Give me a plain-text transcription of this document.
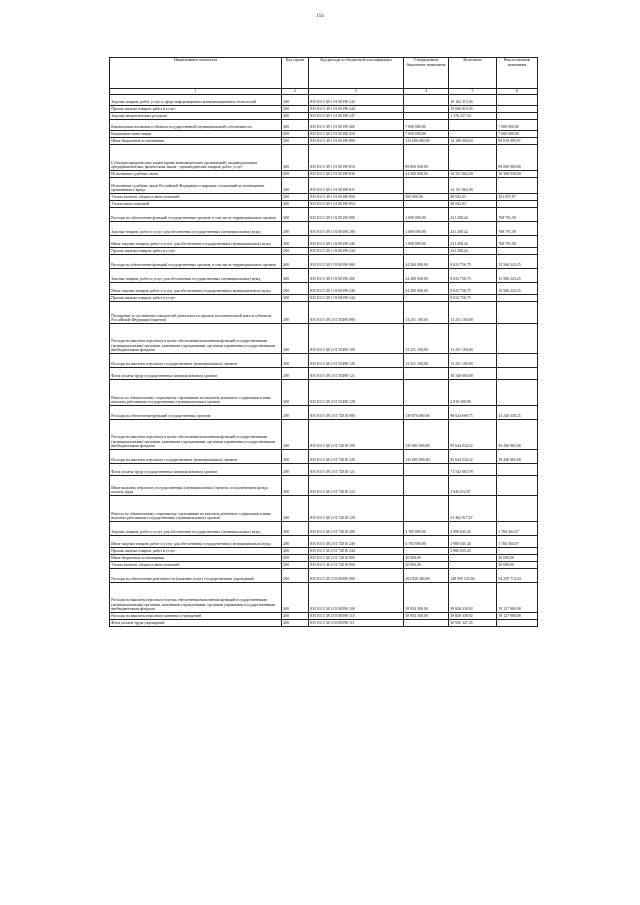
154
Наименование показателя	Код строки	Код расхода по бюджетной классификации	Утвержденные бюджетные назначения	Исполнено	Неисполненные назначения
1	2	3	4	5	6
Закупка товаров, работ, услуг в сфере информационно-коммуникационных технологий	200	835 0113 38 1 01 00190 242	-	10 162 313,56	-
Прочая закупка товаров, работ и услуг	200	835 0113 38 1 01 00190 244	-	19 086 819,05	-
Закупка энергетических ресурсов	200	835 0113 38 1 01 00190 247	-	1 276 227,54	-
Капитальные вложения в объекты государственной (муниципальной) собственности	200	835 0113 38 1 01 00190 400	7 000 000,00	-	7 000 000,00
Бюджетные инвестиции	200	835 0113 38 1 01 00190 410	7 000 000,00	-	7 000 000,00
Иные бюджетные ассигнования	200	835 0113 38 1 01 00190 800	114 000 000,00	14 180 004,03	99 819 995,97
Субсидии юридическим лицам (кроме некоммерческих организаций), индивидуальным предпринимателям, физическим лицам - производителям товаров, работ, услуг	200	835 0113 38 1 01 00190 810	89 000 000,00	-	89 000 000,00
Исполнение судебных актов	200	835 0113 38 1 01 00190 830	24 500 000,00	14 131 062,00	10 368 938,00
Исполнение судебных актов Российской Федерации и мировых соглашений по возмещению причиненного вреда	200	835 0113 38 1 01 00190 831	-	14 131 062,00	-
Уплата налогов, сборов и иных платежей	200	835 0113 38 1 01 00190 850	500 000,00	48 942,03	451 057,97
Уплата иных платежей	200	835 0113 38 1 01 00190 853	-	48 942,03	-
Расходы на обеспечение функций государственных органов, в том числе территориальных органов	200	835 0113 38 1 02 00190 000	1 000 000,00	231 208,42	768 791,58
Закупка товаров, работ и услуг для обеспечения государственных (муниципальных) нужд	200	835 0113 38 1 02 00190 200	1 000 000,00	231 208,42	768 791,58
Иные закупки товаров, работ и услуг для обеспечения государственных (муниципальных) нужд	200	835 0113 38 1 02 00190 240	1 000 000,00	231 208,42	768 791,58
Прочая закупка товаров, работ и услуг	200	835 0113 38 1 02 00190 244	-	231 208,42	-
Расходы на обеспечение функций государственных органов, в том числе территориальных органов	200	835 0113 38 1 03 00190 000	24 200 000,00	8 633 756,75	15 566 243,25
Закупка товаров, работ и услуг для обеспечения государственных (муниципальных) нужд	200	835 0113 38 1 03 00190 200	24 200 000,00	8 633 756,75	15 566 243,25
Иные закупки товаров, работ и услуг для обеспечения государственных (муниципальных) нужд	200	835 0113 38 1 03 00190 240	24 200 000,00	8 633 756,75	15 566 243,25
Прочая закупка товаров, работ и услуг	200	835 0113 38 1 03 00190 244	-	8 633 756,75	-
Поощрение за достижение показателей деятельности органов исполнительной власти субъектов Российской Федерации (грантов)	200	835 0113 38 2 01 55490 000	13 251 100,00	13 251 100,00	-
Расходы на выплаты персоналу в целях обеспечения выполнения функций государственными (муниципальными) органами, казенными учреждениями, органами управления государственными внебюджетными фондами	200	835 0113 38 2 01 55490 100	13 251 100,00	13 251 100,00	-
Расходы на выплаты персоналу государственных (муниципальных) органов	200	835 0113 38 2 01 55490 120	13 251 100,00	13 251 100,00	-
Фонд оплаты труда государственных (муниципальных) органов	200	835 0113 38 2 01 55490 121	-	10 340 600,00	-
Взносы по обязательному социальному страхованию на выплаты денежного содержания и иные выплаты работникам государственных (муниципальных) органов	200	835 0113 38 2 01 55490 129	-	2 910 500,00	-
Расходы на обеспечение функций государственных органов	200	835 0113 38 2 01 72010 000	139 870 000,00	98 624 669,75	41 245 330,25
Расходы на выплаты персоналу в целях обеспечения выполнения функций государственными (муниципальными) органами, казенными учреждениями, органами управления государственными внебюджетными фондами	200	835 0113 38 2 01 72010 100	135 085 000,00	95 644 034,32	39 440 965,68
Расходы на выплаты персоналу государственных (муниципальных) органов	200	835 0113 38 2 01 72010 120	135 085 000,00	95 644 034,32	39 440 965,68
Фонд оплаты труда государственных (муниципальных) органов	200	835 0113 38 2 01 72010 121	-	71 542 063,78	-
Иные выплаты персоналу государственных (муниципальных) органов, за исключением фонда оплаты труда	200	835 0113 38 2 01 72010 122	-	2 640 012,87	-
Взносы по обязательному социальному страхованию на выплаты денежного содержания и иные выплаты работникам государственных (муниципальных) органов	200	835 0113 38 2 01 72010 129	-	21 462 017,67	-
Закупка товаров, работ и услуг для обеспечения государственных (муниципальных) нужд	200	835 0113 38 2 01 72010 200	4 765 000,00	2 980 635,43	1 784 364,57
Иные закупки товаров, работ и услуг для обеспечения государственных (муниципальных) нужд	200	835 0113 38 2 01 72010 240	4 765 000,00	2 980 635,43	1 784 364,57
Прочая закупка товаров, работ и услуг	200	835 0113 38 2 01 72010 244	-	2 980 635,43	-
Иные бюджетные ассигнования	200	835 0113 38 2 01 72010 800	20 000,00	-	20 000,00
Уплата налогов, сборов и иных платежей	200	835 0113 38 2 01 72010 850	20 000,00	-	20 000,00
Расходы на обеспечение деятельности (оказание услуг) государственных учреждений	200	835 0113 38 2 03 00590 000	202 830 300,00	148 590 525,66	54 239 774,34
Расходы на выплаты персоналу в целях обеспечения выполнения функций государственными (муниципальными) органами, казенными учреждениями, органами управления государственными внебюджетными фондами	200	835 0113 38 2 03 00590 100	58 954 300,00	39 826 339,92	19 127 960,08
Расходы на выплаты персоналу казенных учреждений	200	835 0113 38 2 03 00590 110	58 954 300,00	39 826 339,92	19 127 960,08
Фонд оплаты труда учреждений	200	835 0113 38 2 03 00590 111	-	30 945 347,45	-
